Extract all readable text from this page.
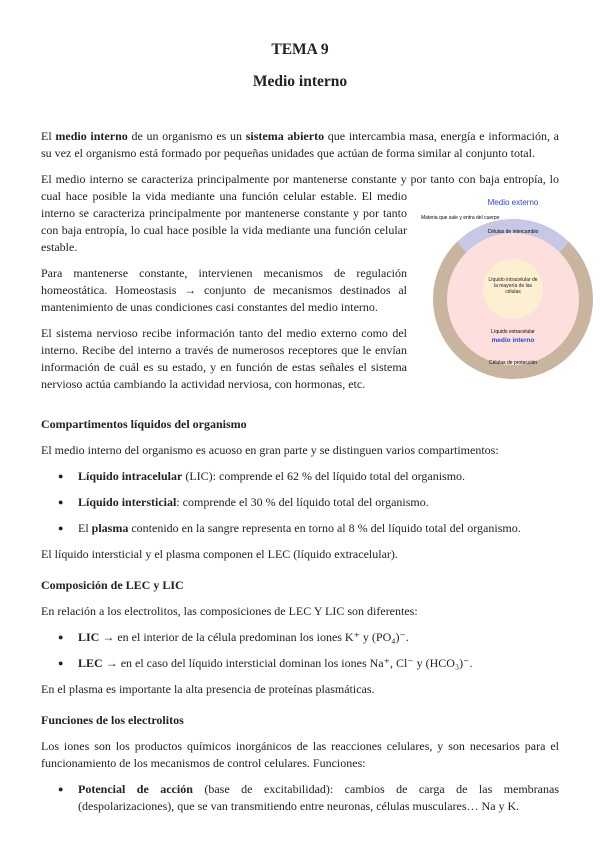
TEMA 9
Medio interno

El medio interno de un organismo es un sistema abierto que intercambia masa, energía e información, a su vez el organismo está formado por pequeñas unidades que actúan de forma similar al conjunto total.

Medio externo
Materia que sale y entra del cuerpo
Células de intercambio
Líquido intracelular de la mayoría de las células
Líquido extracelular
medio interno
Células de protección

El medio interno se caracteriza principalmente por mantenerse constante y por tanto con baja entropía, lo cual hace posible la vida mediante una función celular estable. El medio interno se caracteriza principalmente por mantenerse constante y por tanto con baja entropía, lo cual hace posible la vida mediante una función celular estable.

Para mantenerse constante, intervienen mecanismos de regulación homeostática. Homeostasis → conjunto de mecanismos destinados al mantenimiento de unas condiciones casi constantes del medio interno.

El sistema nervioso recibe información tanto del medio externo como del interno. Recibe del interno a través de numerosos receptores que le envían información de cuál es su estado, y en función de estas señales el sistema nervioso actúa cambiando la actividad nerviosa, con hormonas, etc.

Compartimentos líquidos del organismo

El medio interno del organismo es acuoso en gran parte y se distinguen varios compartimentos:

● Líquido intracelular (LIC): comprende el 62 % del líquido total del organismo.
● Líquido intersticial: comprende el 30 % del líquido total del organismo.
● El plasma contenido en la sangre representa en torno al 8 % del líquido total del organismo.

El líquido intersticial y el plasma componen el LEC (líquido extracelular).

Composición de LEC y LIC

En relación a los electrolitos, las composiciones de LEC Y LIC son diferentes:

● LIC → en el interior de la célula predominan los iones K⁺ y (PO₄)⁻.
● LEC → en el caso del líquido intersticial dominan los iones Na⁺, Cl⁻ y (HCO₃)⁻.

En el plasma es importante la alta presencia de proteínas plasmáticas.

Funciones de los electrolitos

Los iones son los productos químicos inorgánicos de las reacciones celulares, y son necesarios para el funcionamiento de los mecanismos de control celulares. Funciones:

● Potencial de acción (base de excitabilidad): cambios de carga de las membranas (despolarizaciones), que se van transmitiendo entre neuronas, células musculares… Na y K.
